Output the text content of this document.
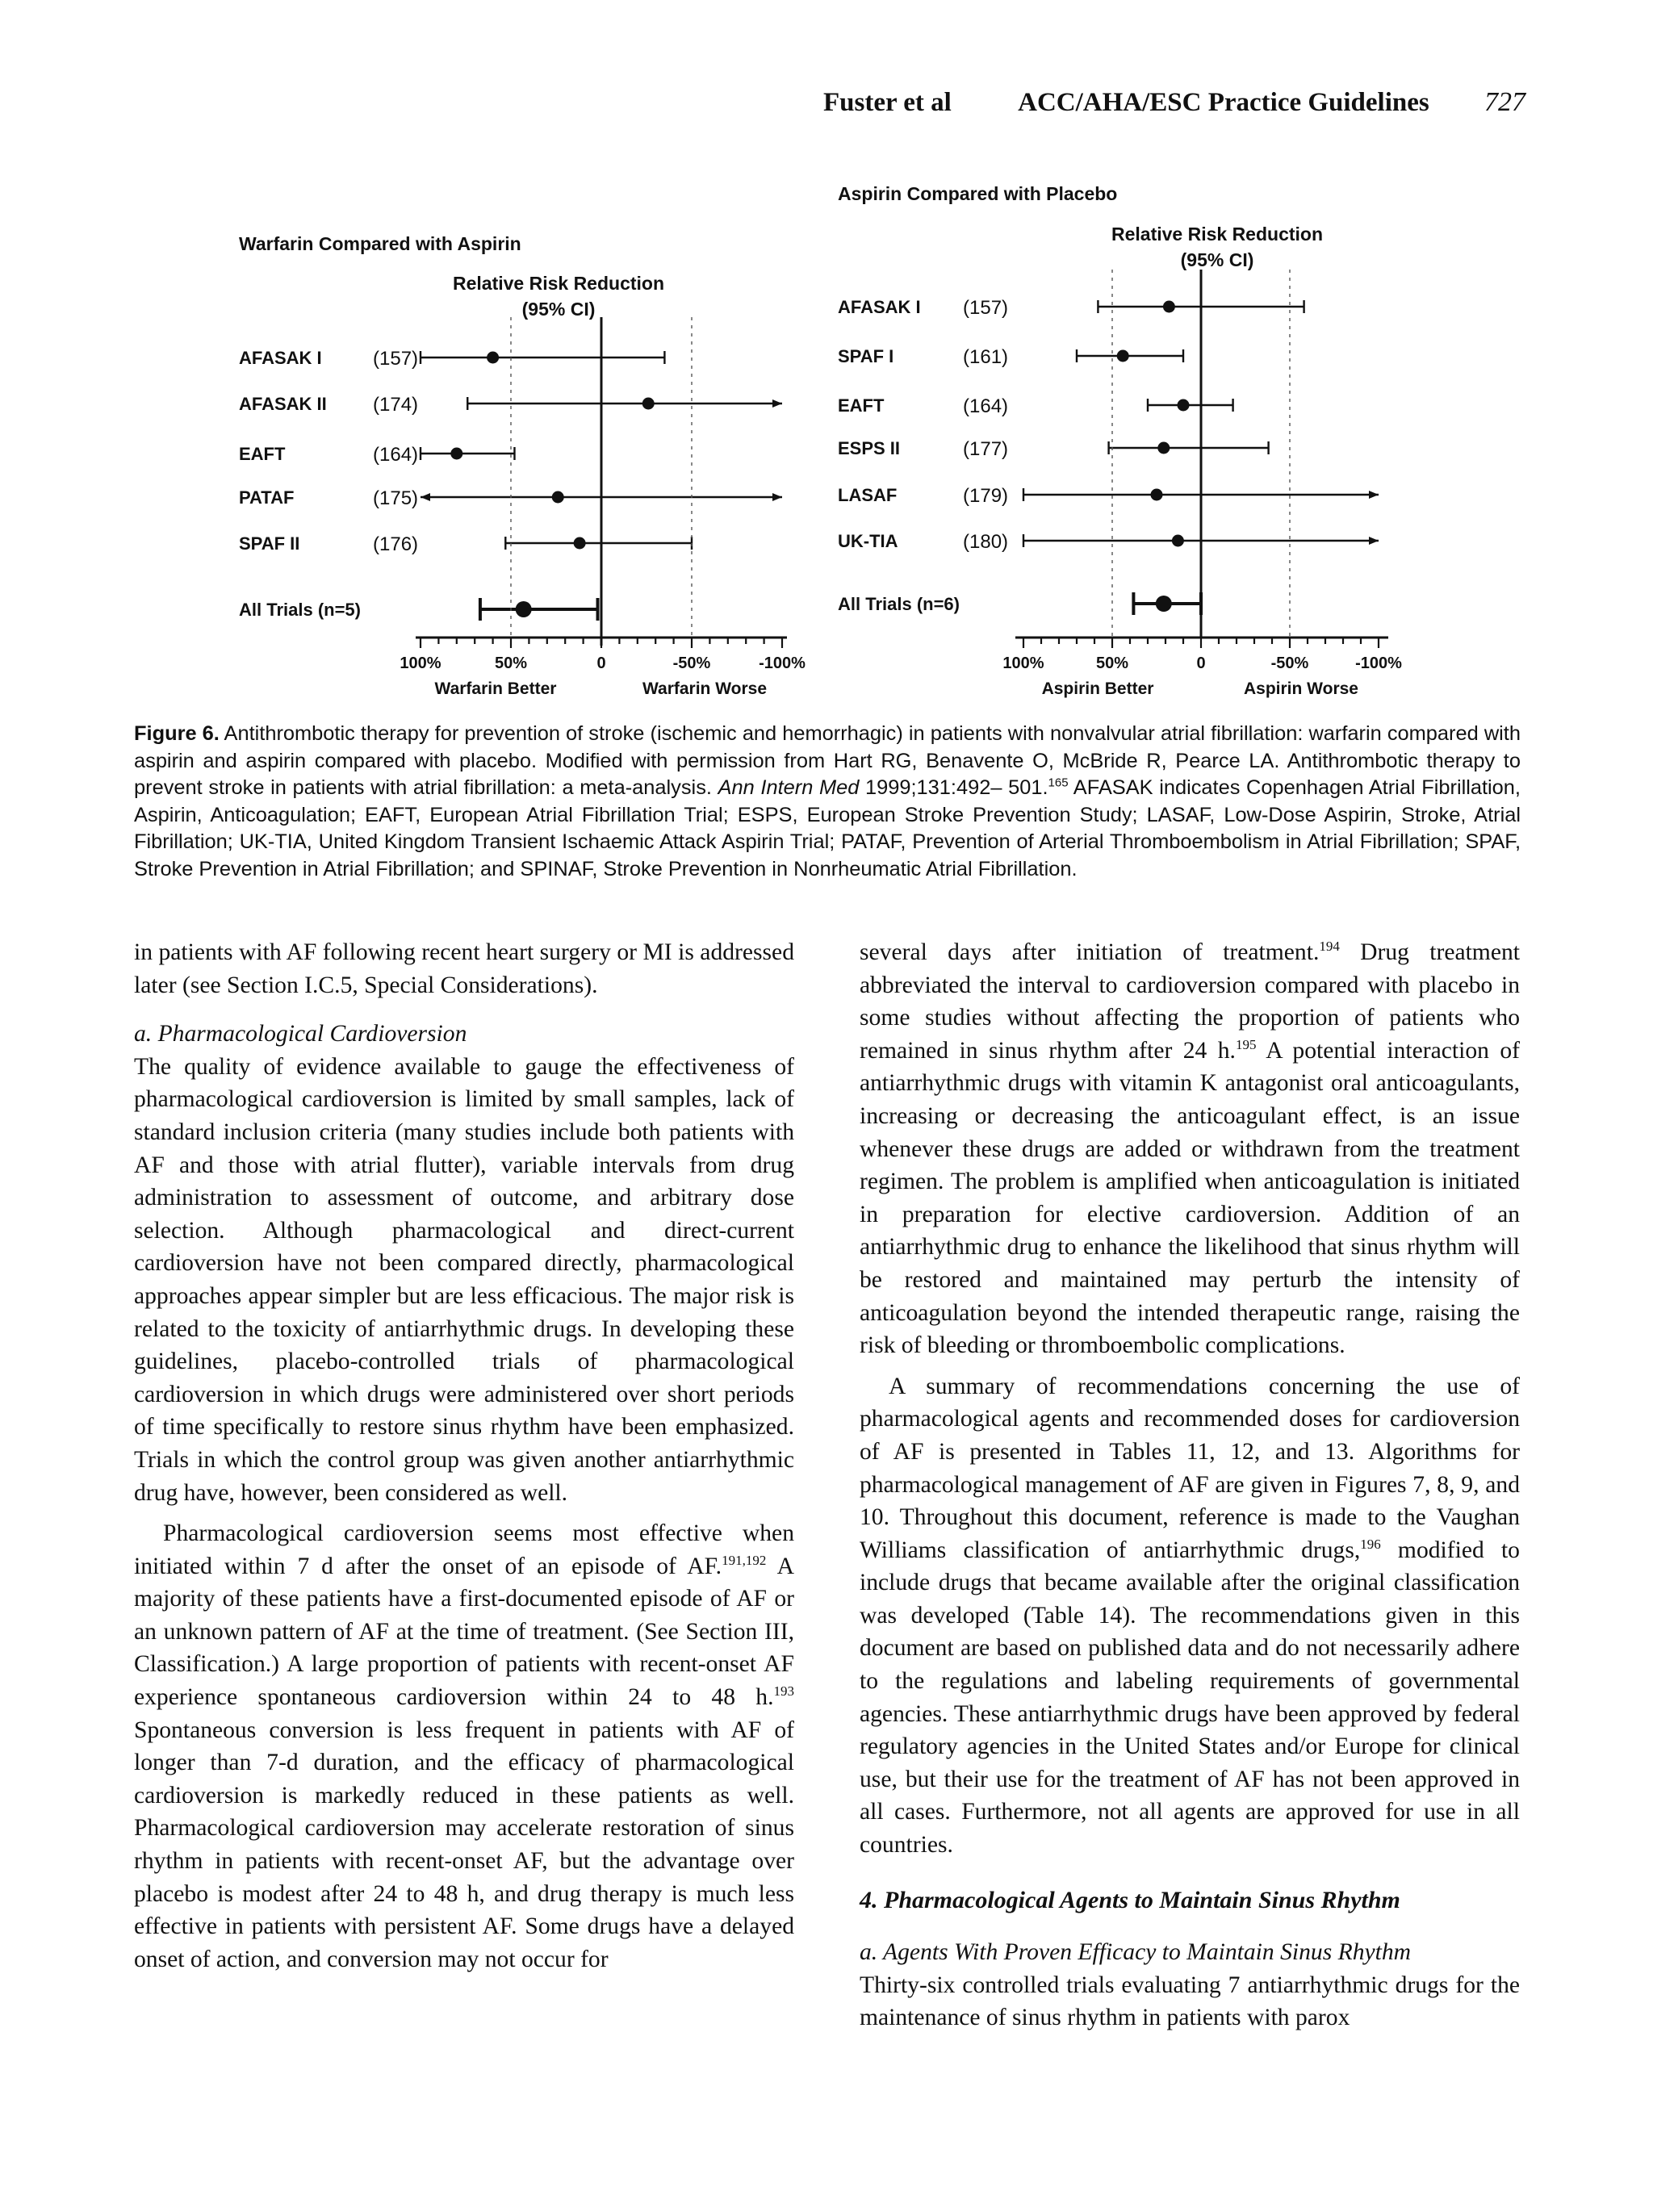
Fuster et al ACC/AHA/ESC Practice Guidelines 727
Warfarin Compared with Aspirin
Relative Risk Reduction
(95% CI)
AFASAK I	(157)
AFASAK II (174)
EAFT	(164)
PATAF	(175)
SPAF II	(176)
All Trials (n=5)
100%	50%	0	-50%	-100%
Warfarin Better	Warfarin Worse
Aspirin Compared with Placebo
Relative Risk Reduction
(95% CI)
AFASAK I (157)
SPAF I	(161)
EAFT	(164)
ESPS II	(177)
LASAF	(179)
UK-TIA	(180)
All Trials (n=6)
100%	50%	0	-50%	-100%
Aspirin Better	Aspirin Worse
Figure 6. Antithrombotic therapy for prevention of stroke (ischemic and hemorrhagic) in patients with nonvalvular atrial fibrillation: warfarin compared with aspirin and aspirin compared with placebo. Modified with permission from Hart RG, Benavente O, McBride R, Pearce LA. Antithrombotic therapy to prevent stroke in patients with atrial fibrillation: a meta-analysis. Ann Intern Med 1999;131:492– 501.$^{165}$ AFASAK indicates Copenhagen Atrial Fibrillation, Aspirin, Anticoagulation; EAFT, European Atrial Fibrillation Trial; ESPS, European Stroke Prevention Study; LASAF, Low-Dose Aspirin, Stroke, Atrial Fibrillation; UK-TIA, United Kingdom Transient Ischaemic Attack Aspirin Trial; PATAF, Prevention of Arterial Thromboembolism in Atrial Fibrillation; SPAF, Stroke Prevention in Atrial Fibrillation; and SPINAF, Stroke Prevention in Nonrheumatic Atrial Fibrillation.

in patients with AF following recent heart surgery or MI is addressed later (see Section I.C.5, Special Considerations).

a. Pharmacological Cardioversion

The quality of evidence available to gauge the effectiveness of pharmacological cardioversion is limited by small samples, lack of standard inclusion criteria (many studies include both patients with AF and those with atrial flutter), variable intervals from drug administration to assessment of outcome, and arbitrary dose selection. Although pharmacological and direct-current cardioversion have not been compared directly, pharmacological approaches appear simpler but are less efficacious. The major risk is related to the toxicity of antiarrhythmic drugs. In developing these guidelines, placebo-controlled trials of pharmacological cardioversion in which drugs were administered over short periods of time specifically to restore sinus rhythm have been emphasized. Trials in which the control group was given another antiarrhythmic drug have, however, been considered as well.

Pharmacological cardioversion seems most effective when initiated within 7 d after the onset of an episode of AF.$^{191,192}$ A majority of these patients have a first-documented episode of AF or an unknown pattern of AF at the time of treatment. (See Section III, Classification.) A large proportion of patients with recent-onset AF experience spontaneous cardioversion within 24 to 48 h.$^{193}$ Spontaneous conversion is less frequent in patients with AF of longer than 7-d duration, and the efficacy of pharmacological cardioversion is markedly reduced in these patients as well. Pharmacological cardioversion may accelerate restoration of sinus rhythm in patients with recent-onset AF, but the advantage over placebo is modest after 24 to 48 h, and drug therapy is much less effective in patients with persistent AF. Some drugs have a delayed onset of action, and conversion may not occur for

several days after initiation of treatment.$^{194}$ Drug treatment abbreviated the interval to cardioversion compared with placebo in some studies without affecting the proportion of patients who remained in sinus rhythm after 24 h.$^{195}$ A potential interaction of antiarrhythmic drugs with vitamin K antagonist oral anticoagulants, increasing or decreasing the anticoagulant effect, is an issue whenever these drugs are added or withdrawn from the treatment regimen. The problem is amplified when anticoagulation is initiated in preparation for elective cardioversion. Addition of an antiarrhythmic drug to enhance the likelihood that sinus rhythm will be restored and maintained may perturb the intensity of anticoagulation beyond the intended therapeutic range, raising the risk of bleeding or thromboembolic complications.

A summary of recommendations concerning the use of pharmacological agents and recommended doses for cardioversion of AF is presented in Tables 11, 12, and 13. Algorithms for pharmacological management of AF are given in Figures 7, 8, 9, and 10. Throughout this document, reference is made to the Vaughan Williams classification of antiarrhythmic drugs,$^{196}$ modified to include drugs that became available after the original classification was developed (Table 14). The recommendations given in this document are based on published data and do not necessarily adhere to the regulations and labeling requirements of governmental agencies. These antiarrhythmic drugs have been approved by federal regulatory agencies in the United States and/or Europe for clinical use, but their use for the treatment of AF has not been approved in all cases. Furthermore, not all agents are approved for use in all countries.

4. Pharmacological Agents to Maintain Sinus Rhythm

a. Agents With Proven Efficacy to Maintain Sinus Rhythm

Thirty-six controlled trials evaluating 7 antiarrhythmic drugs for the maintenance of sinus rhythm in patients with parox
